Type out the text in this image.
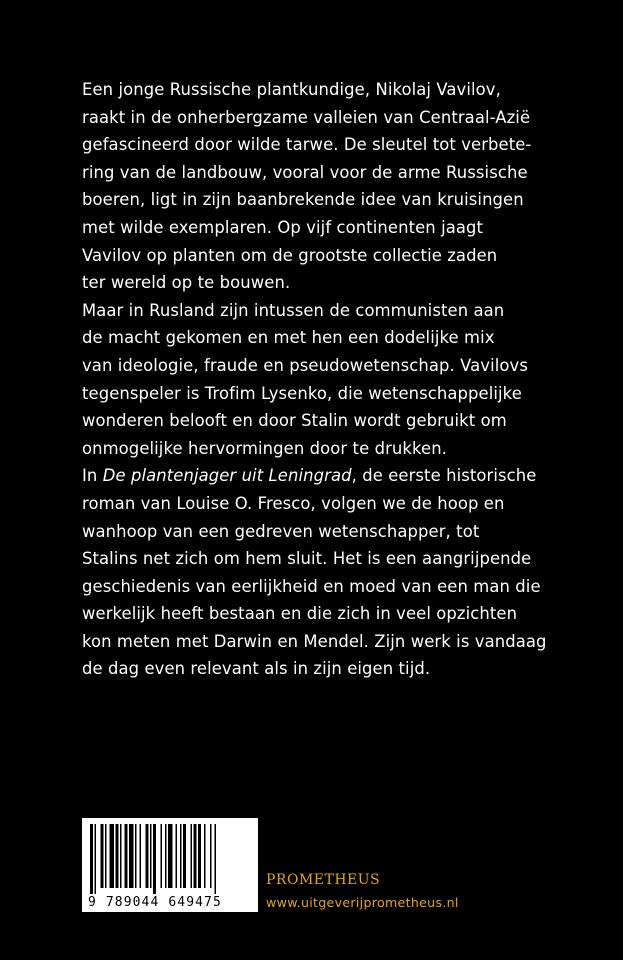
Een jonge Russische plantkundige, Nikolaj Vavilov,
raakt in de onherbergzame valleien van Centraal-Azië
gefascineerd door wilde tarwe. De sleutel tot verbete-
ring van de landbouw, vooral voor de arme Russische
boeren, ligt in zijn baanbrekende idee van kruisingen
met wilde exemplaren. Op vijf continenten jaagt
Vavilov op planten om de grootste collectie zaden
ter wereld op te bouwen.
Maar in Rusland zijn intussen de communisten aan
de macht gekomen en met hen een dodelijke mix
van ideologie, fraude en pseudowetenschap. Vavilovs
tegenspeler is Trofim Lysenko, die wetenschappelijke
wonderen belooft en door Stalin wordt gebruikt om
onmogelijke hervormingen door te drukken.
In De plantenjager uit Leningrad, de eerste historische
roman van Louise O. Fresco, volgen we de hoop en
wanhoop van een gedreven wetenschapper, tot
Stalins net zich om hem sluit. Het is een aangrijpende
geschiedenis van eerlijkheid en moed van een man die
werkelijk heeft bestaan en die zich in veel opzichten
kon meten met Darwin en Mendel. Zijn werk is vandaag
de dag even relevant als in zijn eigen tijd.
9 789044 649475
PROMETHEUS
www.uitgeverijprometheus.nl
